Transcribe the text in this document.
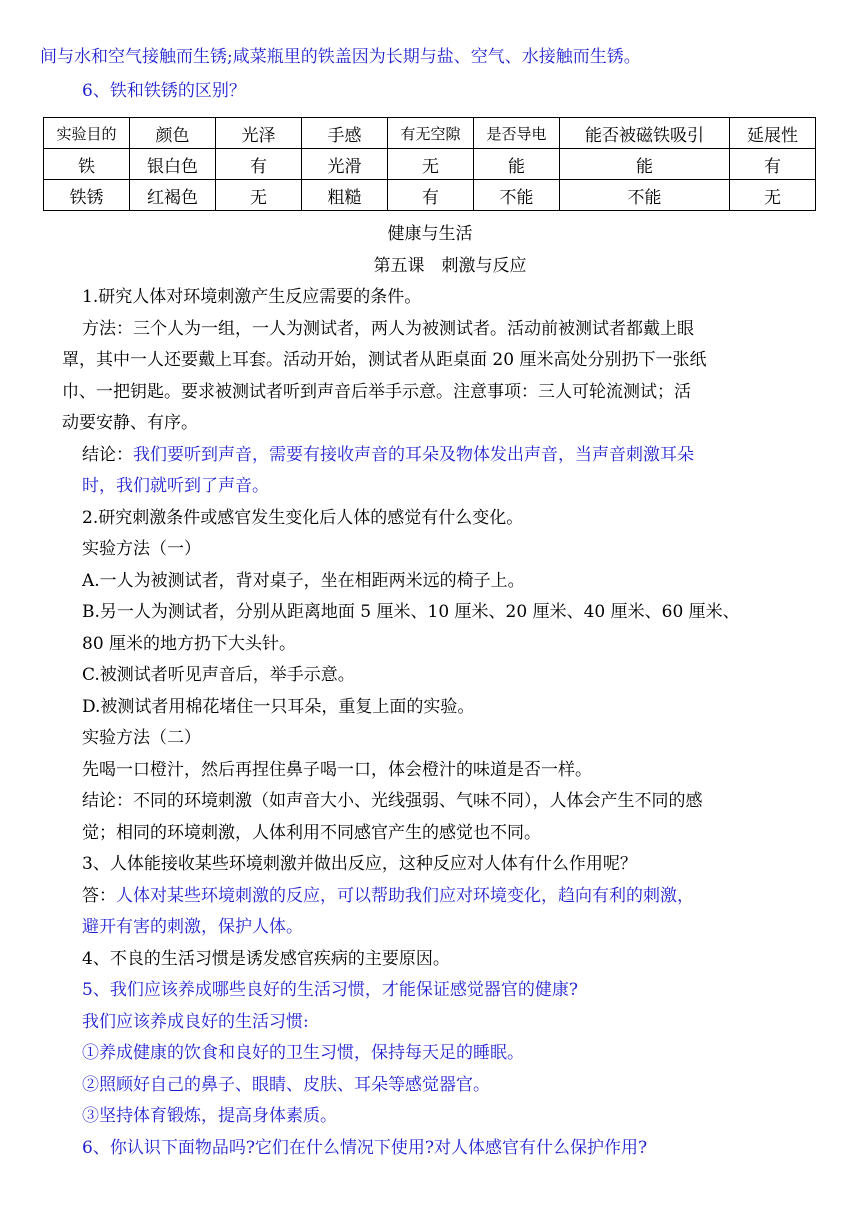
间与水和空气接触而生锈;咸菜瓶里的铁盖因为长期与盐、空气、水接触而生锈。

6、铁和铁锈的区别？

实验目的	颜色	光泽	手感	有无空隙	是否导电	能否被磁铁吸引	延展性
铁	银白色	有	光滑	无	能	能	有
铁锈	红褐色	无	粗糙	有	不能	不能	无

健康与生活

第五课　刺激与反应

1.研究人体对环境刺激产生反应需要的条件。

方法：三个人为一组，一人为测试者，两人为被测试者。活动前被测试者都戴上眼

罩，其中一人还要戴上耳套。活动开始，测试者从距桌面 20 厘米高处分别扔下一张纸

巾、一把钥匙。要求被测试者听到声音后举手示意。注意事项：三人可轮流测试；活

动要安静、有序。

结论：我们要听到声音，需要有接收声音的耳朵及物体发出声音，当声音刺激耳朵

时，我们就听到了声音。

2.研究刺激条件或感官发生变化后人体的感觉有什么变化。

实验方法（一）

A.一人为被测试者，背对桌子，坐在相距两米远的椅子上。

B.另一人为测试者，分别从距离地面 5 厘米、10 厘米、20 厘米、40 厘米、60 厘米、

80 厘米的地方扔下大头针。

C.被测试者听见声音后，举手示意。

D.被测试者用棉花堵住一只耳朵，重复上面的实验。

实验方法（二）

先喝一口橙汁，然后再捏住鼻子喝一口，体会橙汁的味道是否一样。

结论：不同的环境刺激（如声音大小、光线强弱、气味不同），人体会产生不同的感

觉；相同的环境刺激，人体利用不同感官产生的感觉也不同。

3、人体能接收某些环境刺激并做出反应，这种反应对人体有什么作用呢？

答：人体对某些环境刺激的反应，可以帮助我们应对环境变化，趋向有利的刺激，

避开有害的刺激，保护人体。

4、不良的生活习惯是诱发感官疾病的主要原因。

5、我们应该养成哪些良好的生活习惯，才能保证感觉器官的健康?

我们应该养成良好的生活习惯:

①养成健康的饮食和良好的卫生习惯，保持每天足的睡眠。

②照顾好自己的鼻子、眼睛、皮肤、耳朵等感觉器官。

③坚持体育锻炼，提高身体素质。

6、你认识下面物品吗?它们在什么情况下使用?对人体感官有什么保护作用?
